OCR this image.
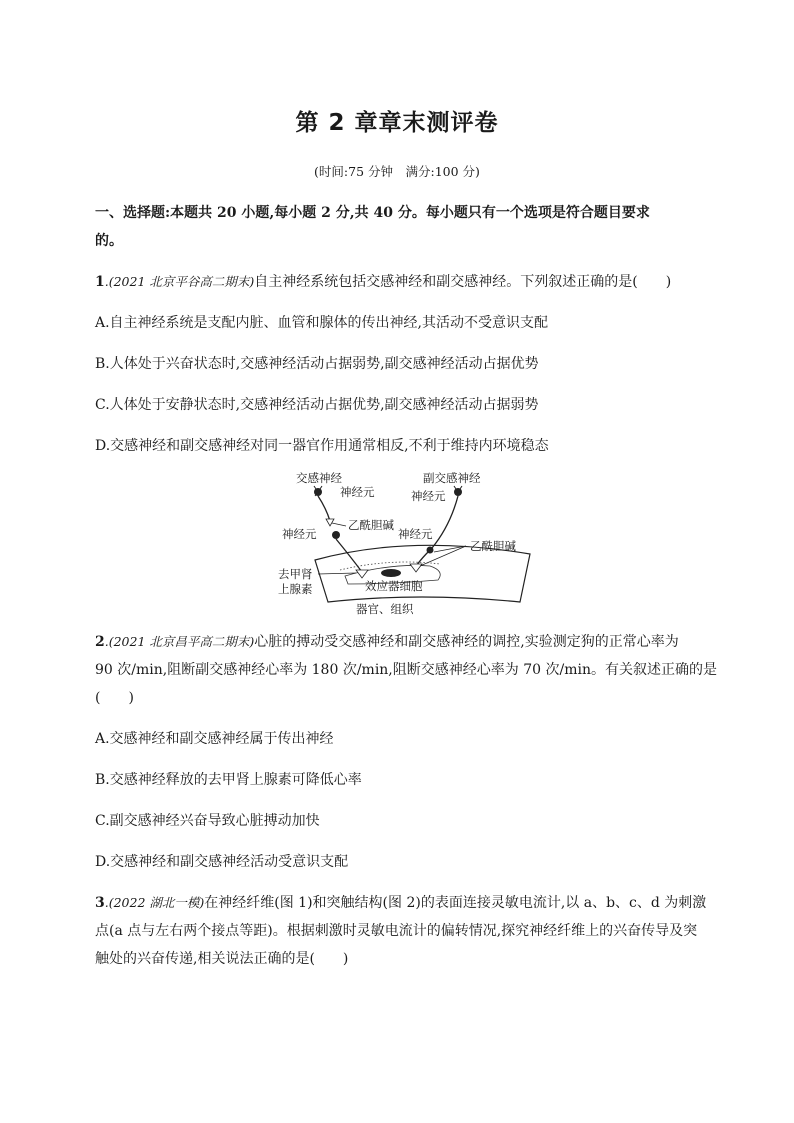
第 2 章章末测评卷
(时间:75 分钟　满分:100 分)
一、选择题:本题共 20 小题,每小题 2 分,共 40 分。每小题只有一个选项是符合题目要求
的。
1.(2021 北京平谷高二期末)自主神经系统包括交感神经和副交感神经。下列叙述正确的是(　　)
A.自主神经系统是支配内脏、血管和腺体的传出神经,其活动不受意识支配
B.人体处于兴奋状态时,交感神经活动占据弱势,副交感神经活动占据优势
C.人体处于安静状态时,交感神经活动占据优势,副交感神经活动占据弱势
D.交感神经和副交感神经对同一器官作用通常相反,不利于维持内环境稳态
交感神经
神经元
乙酰胆碱
神经元
副交感神经
神经元
神经元
乙酰胆碱
去甲肾
上腺素	效应器细胞
器官、组织
2.(2021 北京昌平高二期末)心脏的搏动受交感神经和副交感神经的调控,实验测定狗的正常心率为
90 次/min,阻断副交感神经心率为 180 次/min,阻断交感神经心率为 70 次/min。有关叙述正确的是
(　　)
A.交感神经和副交感神经属于传出神经
B.交感神经释放的去甲肾上腺素可降低心率
C.副交感神经兴奋导致心脏搏动加快
D.交感神经和副交感神经活动受意识支配
3.(2022 湖北一模)在神经纤维(图 1)和突触结构(图 2)的表面连接灵敏电流计,以 a、b、c、d 为刺激
点(a 点与左右两个接点等距)。根据刺激时灵敏电流计的偏转情况,探究神经纤维上的兴奋传导及突
触处的兴奋传递,相关说法正确的是(　　)
